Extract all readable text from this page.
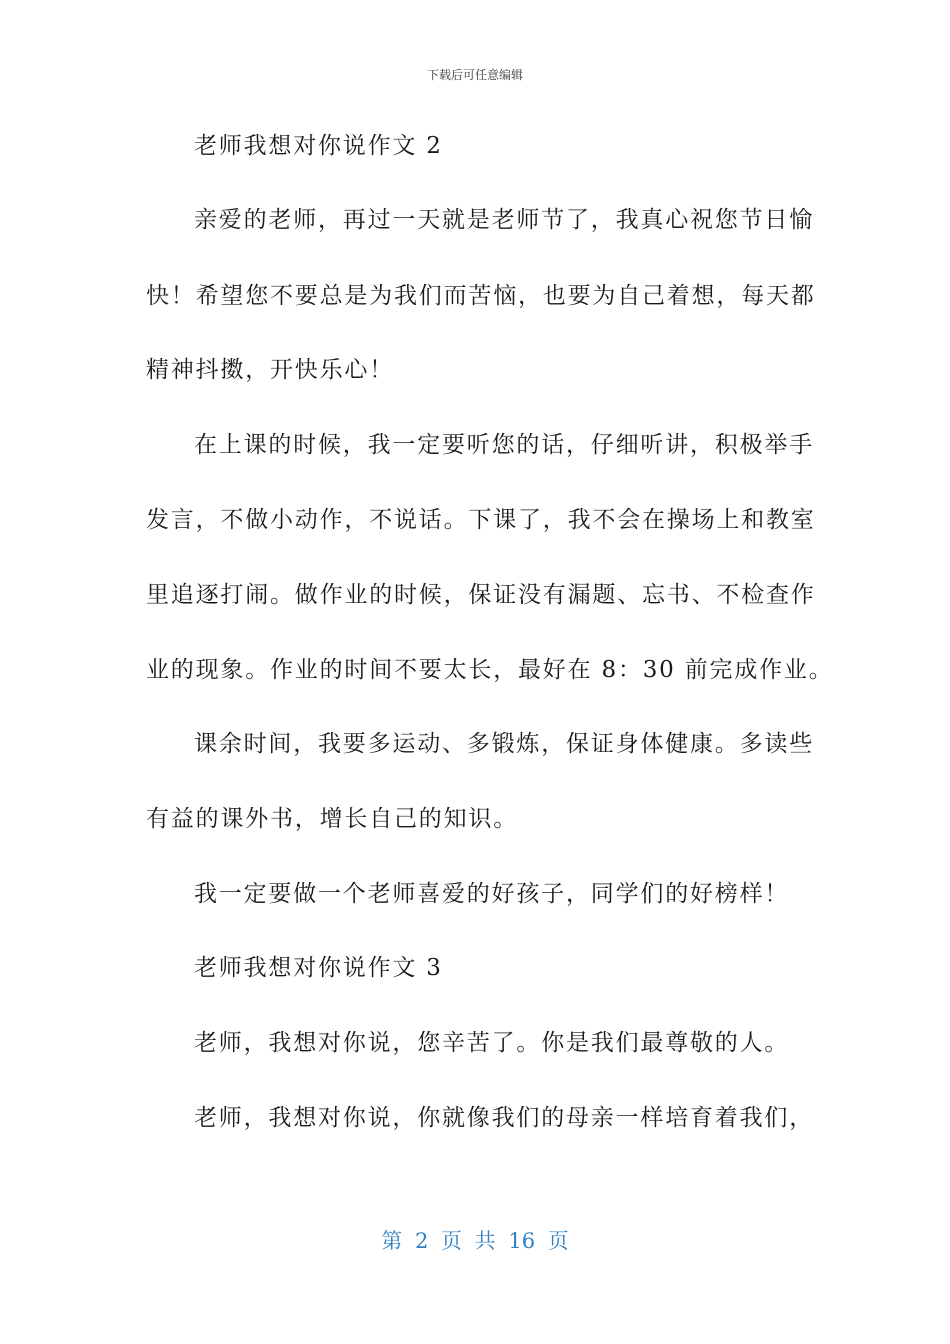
下载后可任意编辑
老师我想对你说作文 2
亲爱的老师，再过一天就是老师节了，我真心祝您节日愉
快！希望您不要总是为我们而苦恼，也要为自己着想，每天都
精神抖擞，开快乐心！
在上课的时候，我一定要听您的话，仔细听讲，积极举手
发言，不做小动作，不说话。下课了，我不会在操场上和教室
里追逐打闹。做作业的时候，保证没有漏题、忘书、不检查作
业的现象。作业的时间不要太长，最好在 8：30 前完成作业。
课余时间，我要多运动、多锻炼，保证身体健康。多读些
有益的课外书，增长自己的知识。
我一定要做一个老师喜爱的好孩子，同学们的好榜样！
老师我想对你说作文 3
老师，我想对你说，您辛苦了。你是我们最尊敬的人。
老师，我想对你说，你就像我们的母亲一样培育着我们，
第 2 页 共 16 页
